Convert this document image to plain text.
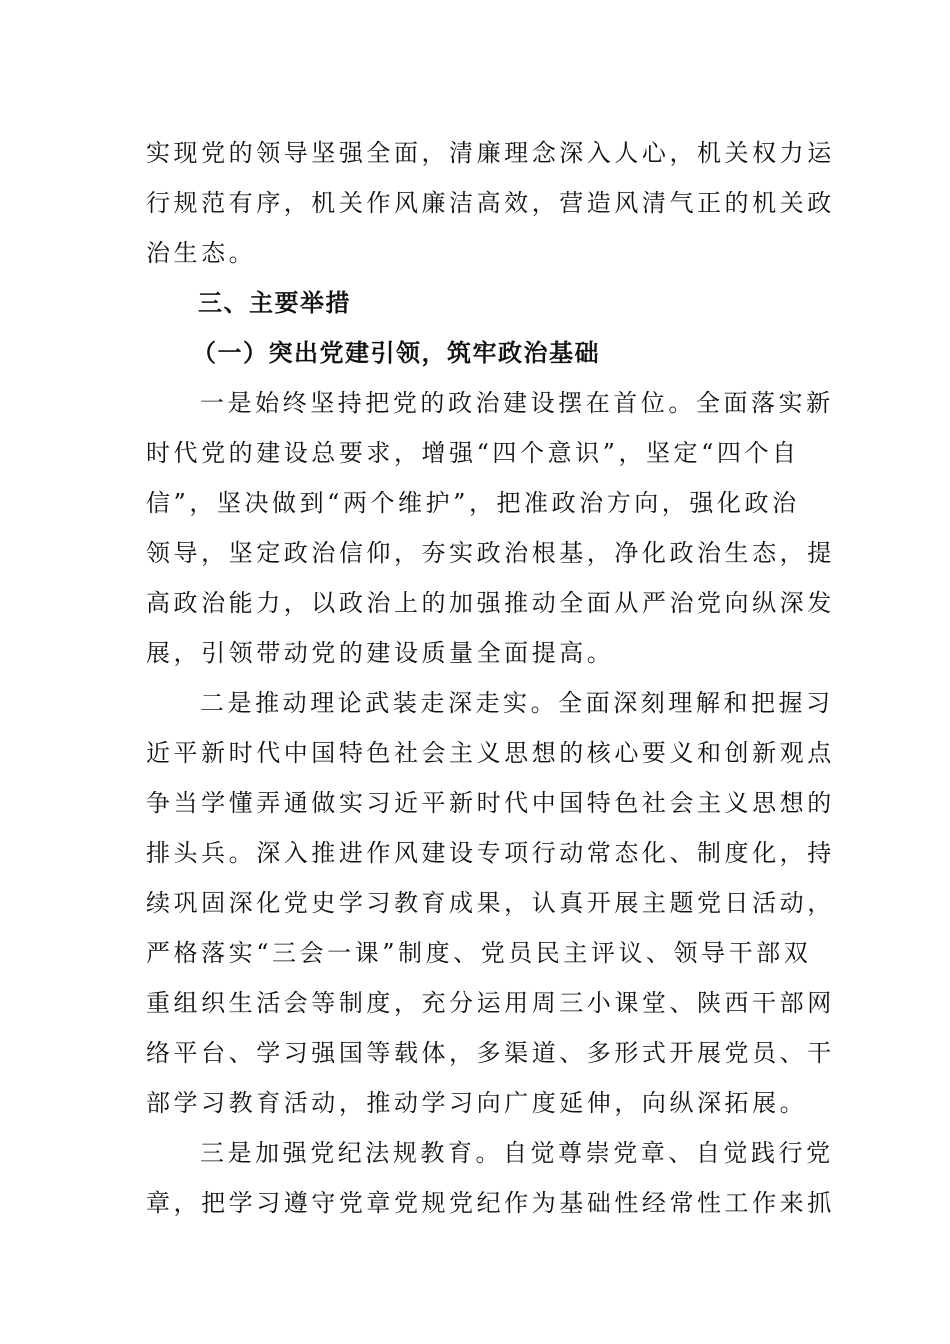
实现党的领导坚强全面，清廉理念深入人心，机关权力运
行规范有序，机关作风廉洁高效，营造风清气正的机关政
治生态。
三、主要举措
（一）突出党建引领，筑牢政治基础
一是始终坚持把党的政治建设摆在首位。全面落实新
时代党的建设总要求，增强“四个意识”，坚定“四个自
信”，坚决做到“两个维护”，把准政治方向，强化政治
领导，坚定政治信仰，夯实政治根基，净化政治生态，提
高政治能力，以政治上的加强推动全面从严治党向纵深发
展，引领带动党的建设质量全面提高。
二是推动理论武装走深走实。全面深刻理解和把握习
近平新时代中国特色社会主义思想的核心要义和创新观点
争当学懂弄通做实习近平新时代中国特色社会主义思想的
排头兵。深入推进作风建设专项行动常态化、制度化，持
续巩固深化党史学习教育成果，认真开展主题党日活动，
严格落实“三会一课”制度、党员民主评议、领导干部双
重组织生活会等制度，充分运用周三小课堂、陕西干部网
络平台、学习强国等载体，多渠道、多形式开展党员、干
部学习教育活动，推动学习向广度延伸，向纵深拓展。
三是加强党纪法规教育。自觉尊崇党章、自觉践行党
章，把学习遵守党章党规党纪作为基础性经常性工作来抓
